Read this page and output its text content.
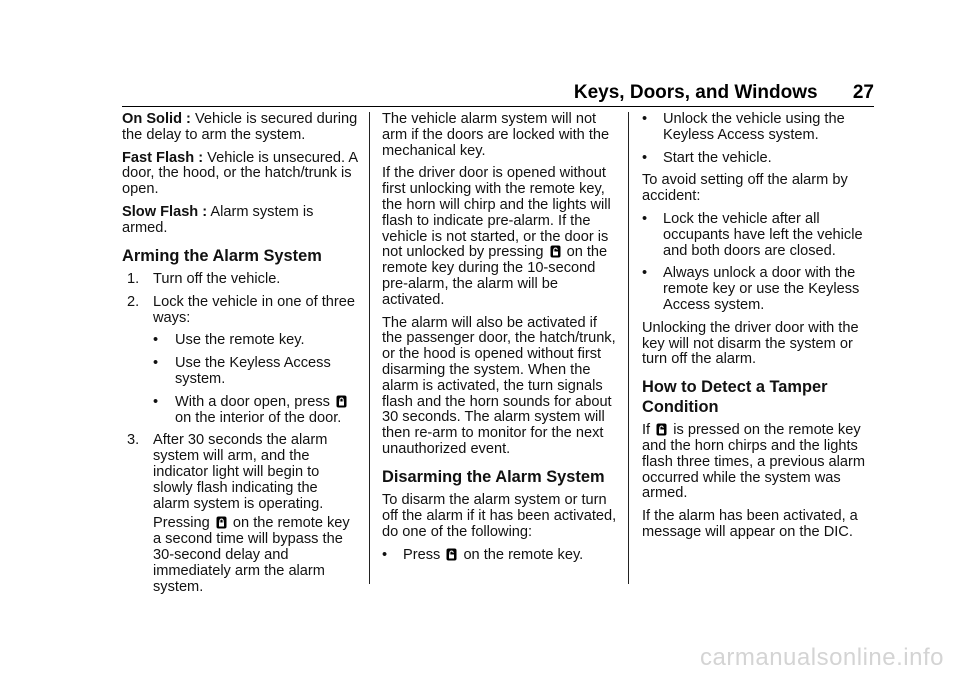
Keys, Doors, and Windows 27

On Solid : Vehicle is secured during the delay to arm the system.

Fast Flash : Vehicle is unsecured. A door, the hood, or the hatch/trunk is open.

Slow Flash : Alarm system is armed.

Arming the Alarm System
1. Turn off the vehicle.
2. Lock the vehicle in one of three ways:
• Use the remote key.
• Use the Keyless Access system.
• With a door open, press  on the interior of the door.
3. After 30 seconds the alarm system will arm, and the indicator light will begin to slowly flash indicating the alarm system is operating.
Pressing on the remote key a second time will bypass the 30-second delay and immediately arm the alarm system.

The vehicle alarm system will not arm if the doors are locked with the mechanical key.

If the driver door is opened without first unlocking with the remote key, the horn will chirp and the lights will flash to indicate pre-alarm. If the vehicle is not started, or the door is not unlocked by pressing on the remote key during the 10-second pre-alarm, the alarm will be activated.

The alarm will also be activated if the passenger door, the hatch/trunk, or the hood is opened without first disarming the system. When the alarm is activated, the turn signals flash and the horn sounds for about 30 seconds. The alarm system will then re-arm to monitor for the next unauthorized event.

Disarming the Alarm System

To disarm the alarm system or turn off the alarm if it has been activated, do one of the following:

• Press on the remote key.
• Unlock the vehicle using the Keyless Access system.
• Start the vehicle.

To avoid setting off the alarm by accident:

• Lock the vehicle after all occupants have left the vehicle and both doors are closed.
• Always unlock a door with the remote key or use the Keyless Access system.

Unlocking the driver door with the key will not disarm the system or turn off the alarm.

How to Detect a Tamper Condition

If is pressed on the remote key and the horn chirps and the lights flash three times, a previous alarm occurred while the system was armed.

If the alarm has been activated, a message will appear on the DIC.

carmanualsonline.info
